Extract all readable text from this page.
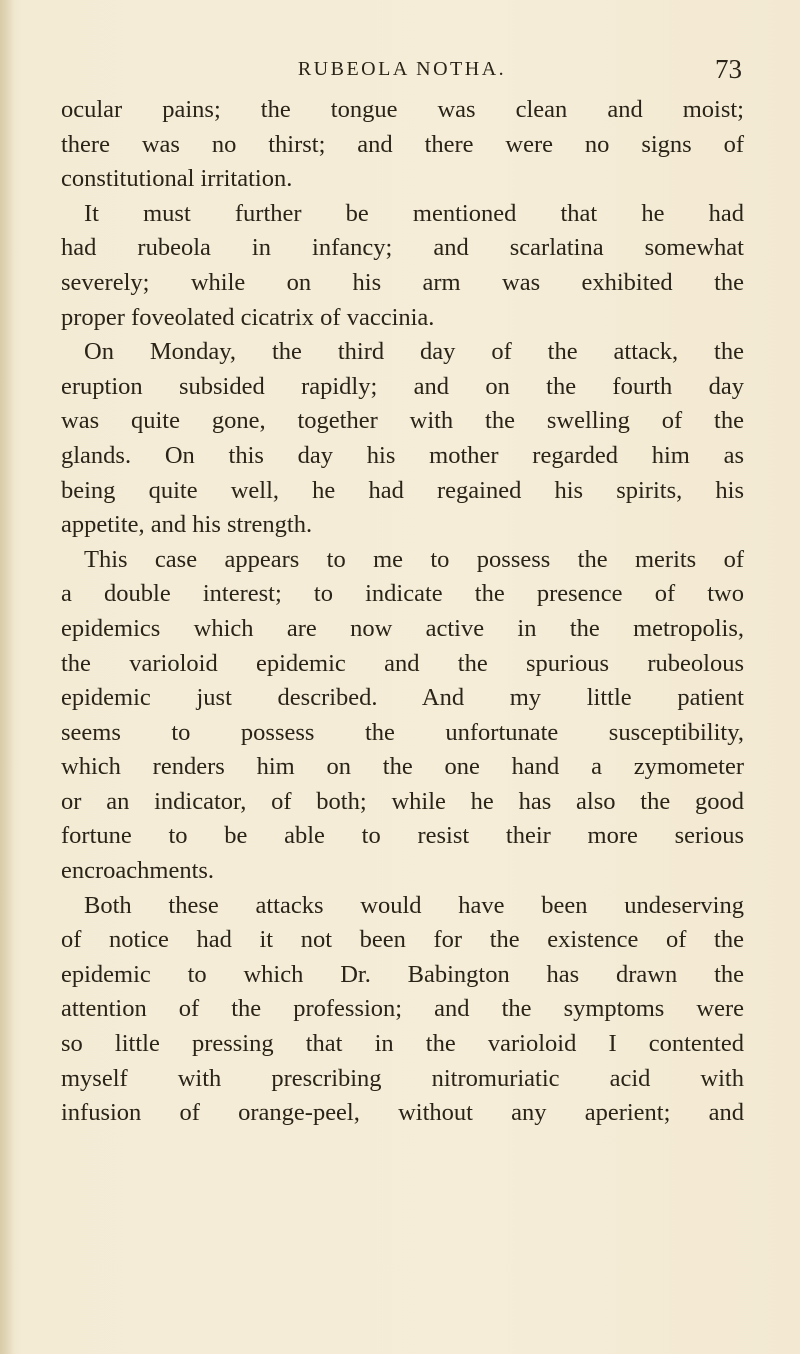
RUBEOLA NOTHA.	73
ocular pains; the tongue was clean and moist;
there was no thirst; and there were no signs of
constitutional irritation.
It must further be mentioned that he had
had rubeola in infancy; and scarlatina somewhat
severely; while on his arm was exhibited the
proper foveolated cicatrix of vaccinia.
On Monday, the third day of the attack, the
eruption subsided rapidly; and on the fourth day
was quite gone, together with the swelling of the
glands. On this day his mother regarded him as
being quite well, he had regained his spirits, his
appetite, and his strength.
This case appears to me to possess the merits of
a double interest; to indicate the presence of two
epidemics which are now active in the metropolis,
the varioloid epidemic and the spurious rubeolous
epidemic just described. And my little patient
seems to possess the unfortunate susceptibility,
which renders him on the one hand a zymometer
or an indicator, of both; while he has also the good
fortune to be able to resist their more serious
encroachments.
Both these attacks would have been undeserving
of notice had it not been for the existence of the
epidemic to which Dr. Babington has drawn the
attention of the profession; and the symptoms were
so little pressing that in the varioloid I contented
myself with prescribing nitromuriatic acid with
infusion of orange-peel, without any aperient; and
